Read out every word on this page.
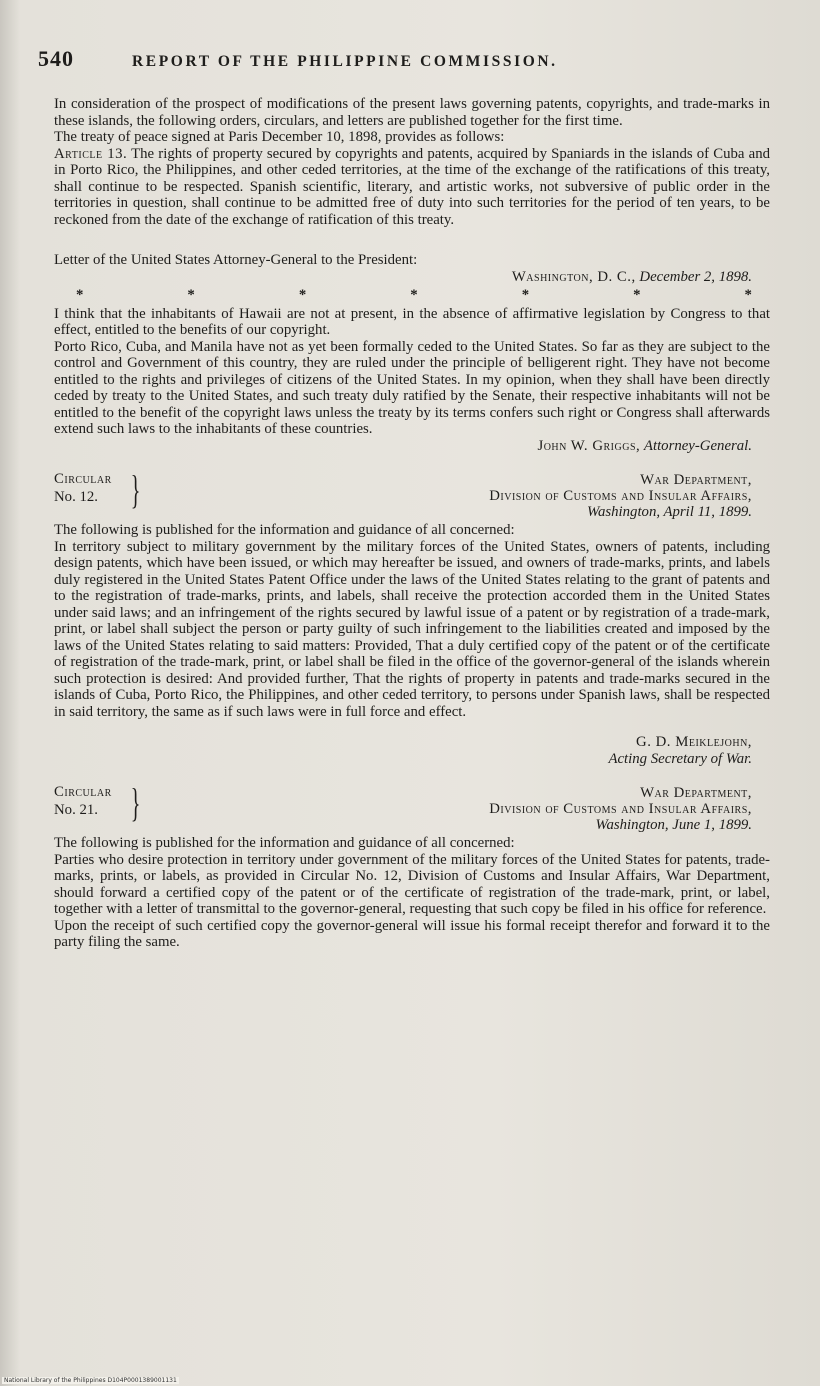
540	REPORT OF THE PHILIPPINE COMMISSION.

In consideration of the prospect of modifications of the present laws governing patents, copyrights, and trade-marks in these islands, the following orders, circulars, and letters are published together for the first time.

The treaty of peace signed at Paris December 10, 1898, provides as follows:

Article 13. The rights of property secured by copyrights and patents, acquired by Spaniards in the islands of Cuba and in Porto Rico, the Philippines, and other ceded territories, at the time of the exchange of the ratifications of this treaty, shall continue to be respected. Spanish scientific, literary, and artistic works, not subversive of public order in the territories in question, shall continue to be admitted free of duty into such territories for the period of ten years, to be reckoned from the date of the exchange of ratification of this treaty.

Letter of the United States Attorney-General to the President:

Washington, D. C., December 2, 1898.

*	*	*	*	*	*	*

I think that the inhabitants of Hawaii are not at present, in the absence of affirmative legislation by Congress to that effect, entitled to the benefits of our copyright.

Porto Rico, Cuba, and Manila have not as yet been formally ceded to the United States. So far as they are subject to the control and Government of this country, they are ruled under the principle of belligerent right. They have not become entitled to the rights and privileges of citizens of the United States. In my opinion, when they shall have been directly ceded by treaty to the United States, and such treaty duly ratified by the Senate, their respective inhabitants will not be entitled to the benefit of the copyright laws unless the treaty by its terms confers such right or Congress shall afterwards extend such laws to the inhabitants of these countries.

John W. Griggs, Attorney-General.

Circular
No. 12. }	War Department,
Division of Customs and Insular Affairs,
Washington, April 11, 1899.

The following is published for the information and guidance of all concerned:

In territory subject to military government by the military forces of the United States, owners of patents, including design patents, which have been issued, or which may hereafter be issued, and owners of trade-marks, prints, and labels duly registered in the United States Patent Office under the laws of the United States relating to the grant of patents and to the registration of trade-marks, prints, and labels, shall receive the protection accorded them in the United States under said laws; and an infringement of the rights secured by lawful issue of a patent or by registration of a trade-mark, print, or label shall subject the person or party guilty of such infringement to the liabilities created and imposed by the laws of the United States relating to said matters: Provided, That a duly certified copy of the patent or of the certificate of registration of the trade-mark, print, or label shall be filed in the office of the governor-general of the islands wherein such protection is desired: And provided further, That the rights of property in patents and trade-marks secured in the islands of Cuba, Porto Rico, the Philippines, and other ceded territory, to persons under Spanish laws, shall be respected in said territory, the same as if such laws were in full force and effect.

G. D. Meiklejohn,

Acting Secretary of War.

Circular
No. 21. }	War Department,
Division of Customs and Insular Affairs,
Washington, June 1, 1899.

The following is published for the information and guidance of all concerned:

Parties who desire protection in territory under government of the military forces of the United States for patents, trade-marks, prints, or labels, as provided in Circular No. 12, Division of Customs and Insular Affairs, War Department, should forward a certified copy of the patent or of the certificate of registration of the trade-mark, print, or label, together with a letter of transmittal to the governor-general, requesting that such copy be filed in his office for reference.

Upon the receipt of such certified copy the governor-general will issue his formal receipt therefor and forward it to the party filing the same.

National Library of the Philippines D104P0001389001131
